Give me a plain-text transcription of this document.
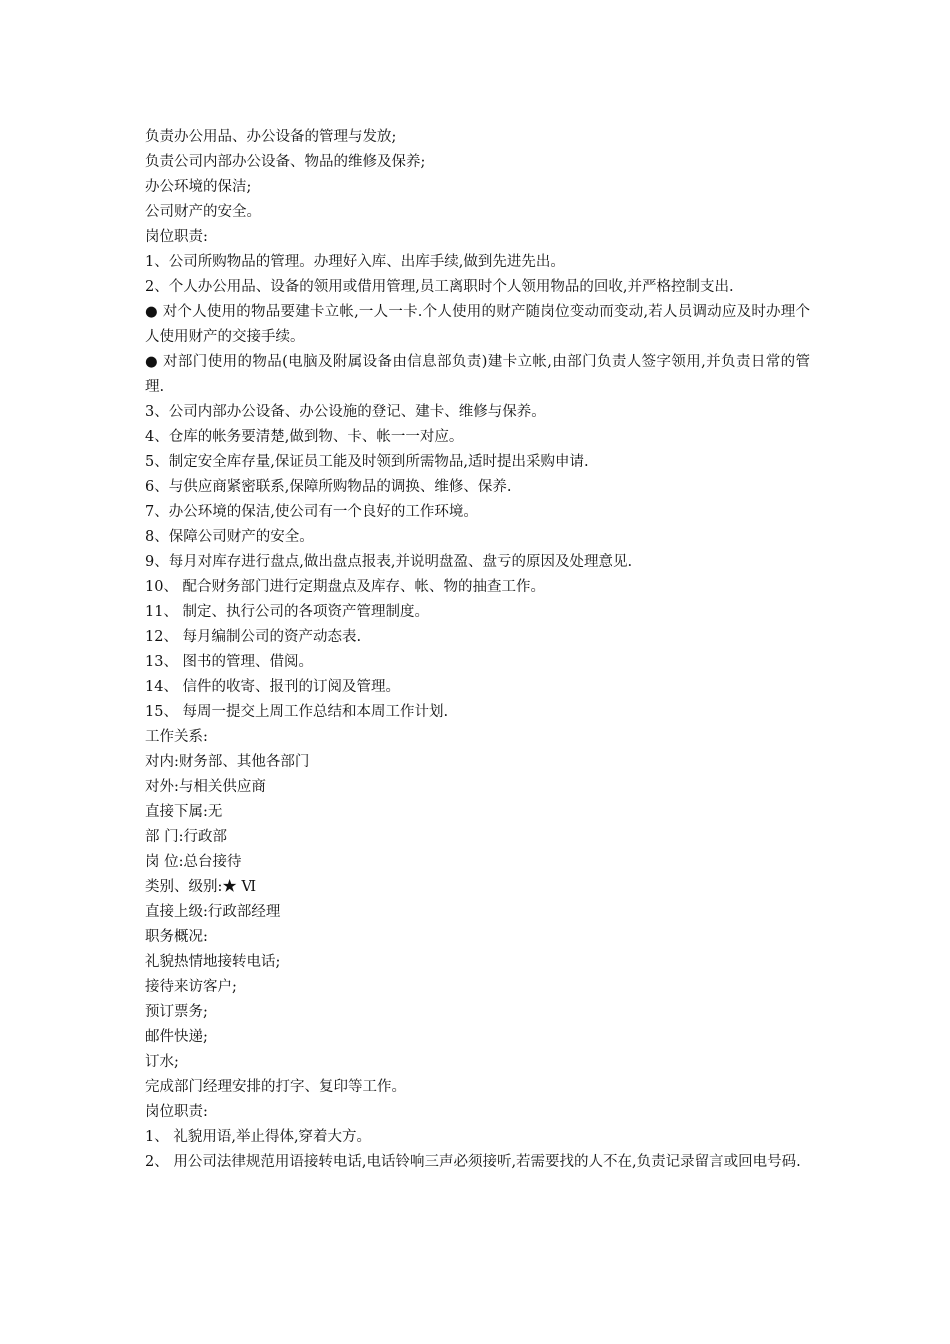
负责办公用品、办公设备的管理与发放;
负责公司内部办公设备、物品的维修及保养;
办公环境的保洁;
公司财产的安全。
岗位职责:
1、公司所购物品的管理。办理好入库、出库手续,做到先进先出。
2、个人办公用品、设备的领用或借用管理,员工离职时个人领用物品的回收,并严格控制支出.
● 对个人使用的物品要建卡立帐,一人一卡.个人使用的财产随岗位变动而变动,若人员调动应及时办理个人使用财产的交接手续。
● 对部门使用的物品(电脑及附属设备由信息部负责)建卡立帐,由部门负责人签字领用,并负责日常的管理.
3、公司内部办公设备、办公设施的登记、建卡、维修与保养。
4、仓库的帐务要清楚,做到物、卡、帐一一对应。
5、制定安全库存量,保证员工能及时领到所需物品,适时提出采购申请.
6、与供应商紧密联系,保障所购物品的调换、维修、保养.
7、办公环境的保洁,使公司有一个良好的工作环境。
8、保障公司财产的安全。
9、每月对库存进行盘点,做出盘点报表,并说明盘盈、盘亏的原因及处理意见.
10、 配合财务部门进行定期盘点及库存、帐、物的抽查工作。
11、 制定、执行公司的各项资产管理制度。
12、 每月编制公司的资产动态表.
13、 图书的管理、借阅。
14、 信件的收寄、报刊的订阅及管理。
15、 每周一提交上周工作总结和本周工作计划.
工作关系:
对内:财务部、其他各部门
对外:与相关供应商
直接下属:无
部 门:行政部
岗 位:总台接待
类别、级别:★ Ⅵ
直接上级:行政部经理
职务概况:
礼貌热情地接转电话;
接待来访客户;
预订票务;
邮件快递;
订水;
完成部门经理安排的打字、复印等工作。
岗位职责:
1、 礼貌用语,举止得体,穿着大方。
2、 用公司法律规范用语接转电话,电话铃响三声必须接听,若需要找的人不在,负责记录留言或回电号码.
